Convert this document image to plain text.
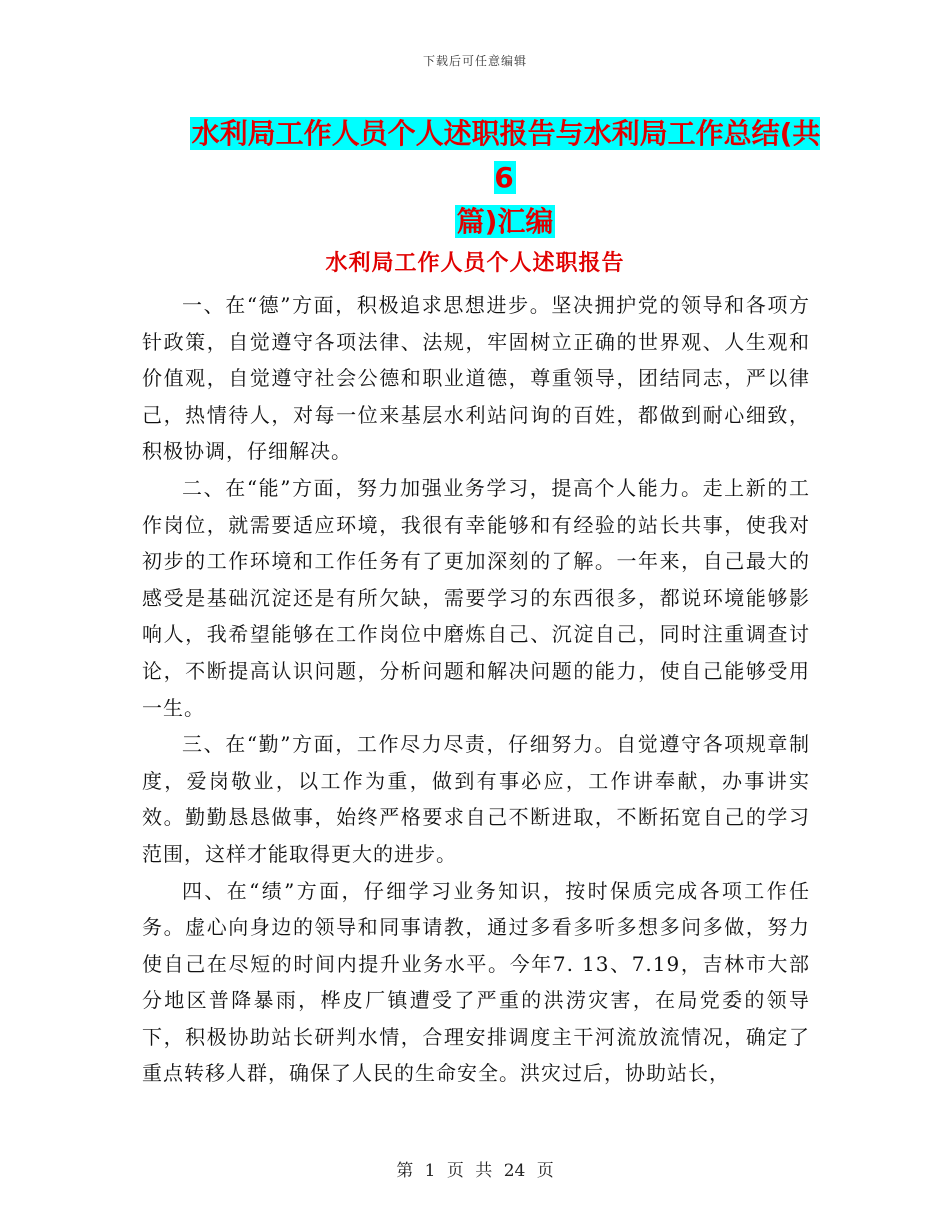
下载后可任意编辑
水利局工作人员个人述职报告与水利局工作总结(共6
篇)汇编
水利局工作人员个人述职报告

一、在“德”方面，积极追求思想进步。坚决拥护党的领导和各项方针政策，自觉遵守各项法律、法规，牢固树立正确的世界观、人生观和价值观，自觉遵守社会公德和职业道德，尊重领导，团结同志，严以律己，热情待人，对每一位来基层水利站问询的百姓，都做到耐心细致，积极协调，仔细解决。

二、在“能”方面，努力加强业务学习，提高个人能力。走上新的工作岗位，就需要适应环境，我很有幸能够和有经验的站长共事，使我对初步的工作环境和工作任务有了更加深刻的了解。一年来，自己最大的感受是基础沉淀还是有所欠缺，需要学习的东西很多，都说环境能够影响人，我希望能够在工作岗位中磨炼自己、沉淀自己，同时注重调查讨论，不断提高认识问题，分析问题和解决问题的能力，使自己能够受用一生。

三、在“勤”方面，工作尽力尽责，仔细努力。自觉遵守各项规章制度，爱岗敬业，以工作为重，做到有事必应，工作讲奉献，办事讲实效。勤勤恳恳做事，始终严格要求自己不断进取，不断拓宽自己的学习范围，这样才能取得更大的进步。

四、在“绩”方面，仔细学习业务知识，按时保质完成各项工作任务。虚心向身边的领导和同事请教，通过多看多听多想多问多做，努力使自己在尽短的时间内提升业务水平。今年7. 13、7.19，吉林市大部分地区普降暴雨，桦皮厂镇遭受了严重的洪涝灾害，在局党委的领导下，积极协助站长研判水情，合理安排调度主干河流放流情况，确定了重点转移人群，确保了人民的生命安全。洪灾过后，协助站长，

第 1 页 共 24 页
